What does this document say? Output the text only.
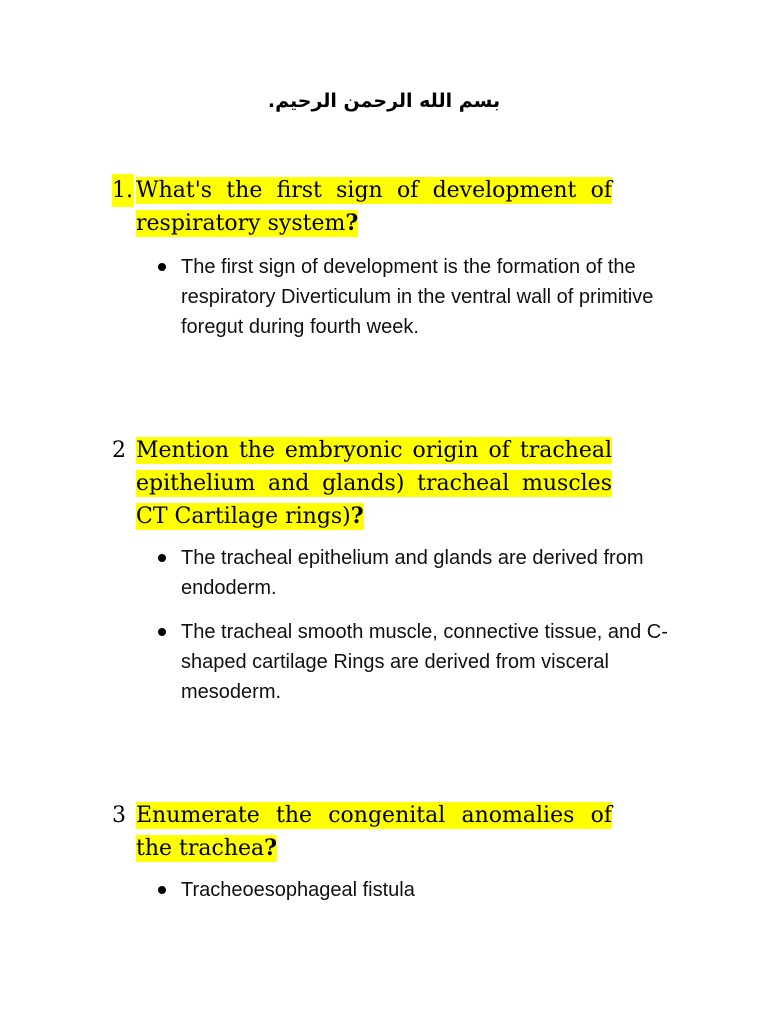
بسم الله الرحمن الرحيم.
1. What's the first sign of development of respiratory system?
The first sign of development is the formation of the respiratory Diverticulum in the ventral wall of primitive foregut during fourth week.
2 Mention the embryonic origin of tracheal epithelium and glands) tracheal muscles CT Cartilage rings)?
The tracheal epithelium and glands are derived from endoderm.
The tracheal smooth muscle, connective tissue, and C-shaped cartilage Rings are derived from visceral mesoderm.
3 Enumerate the congenital anomalies of the trachea?
Tracheoesophageal fistula
